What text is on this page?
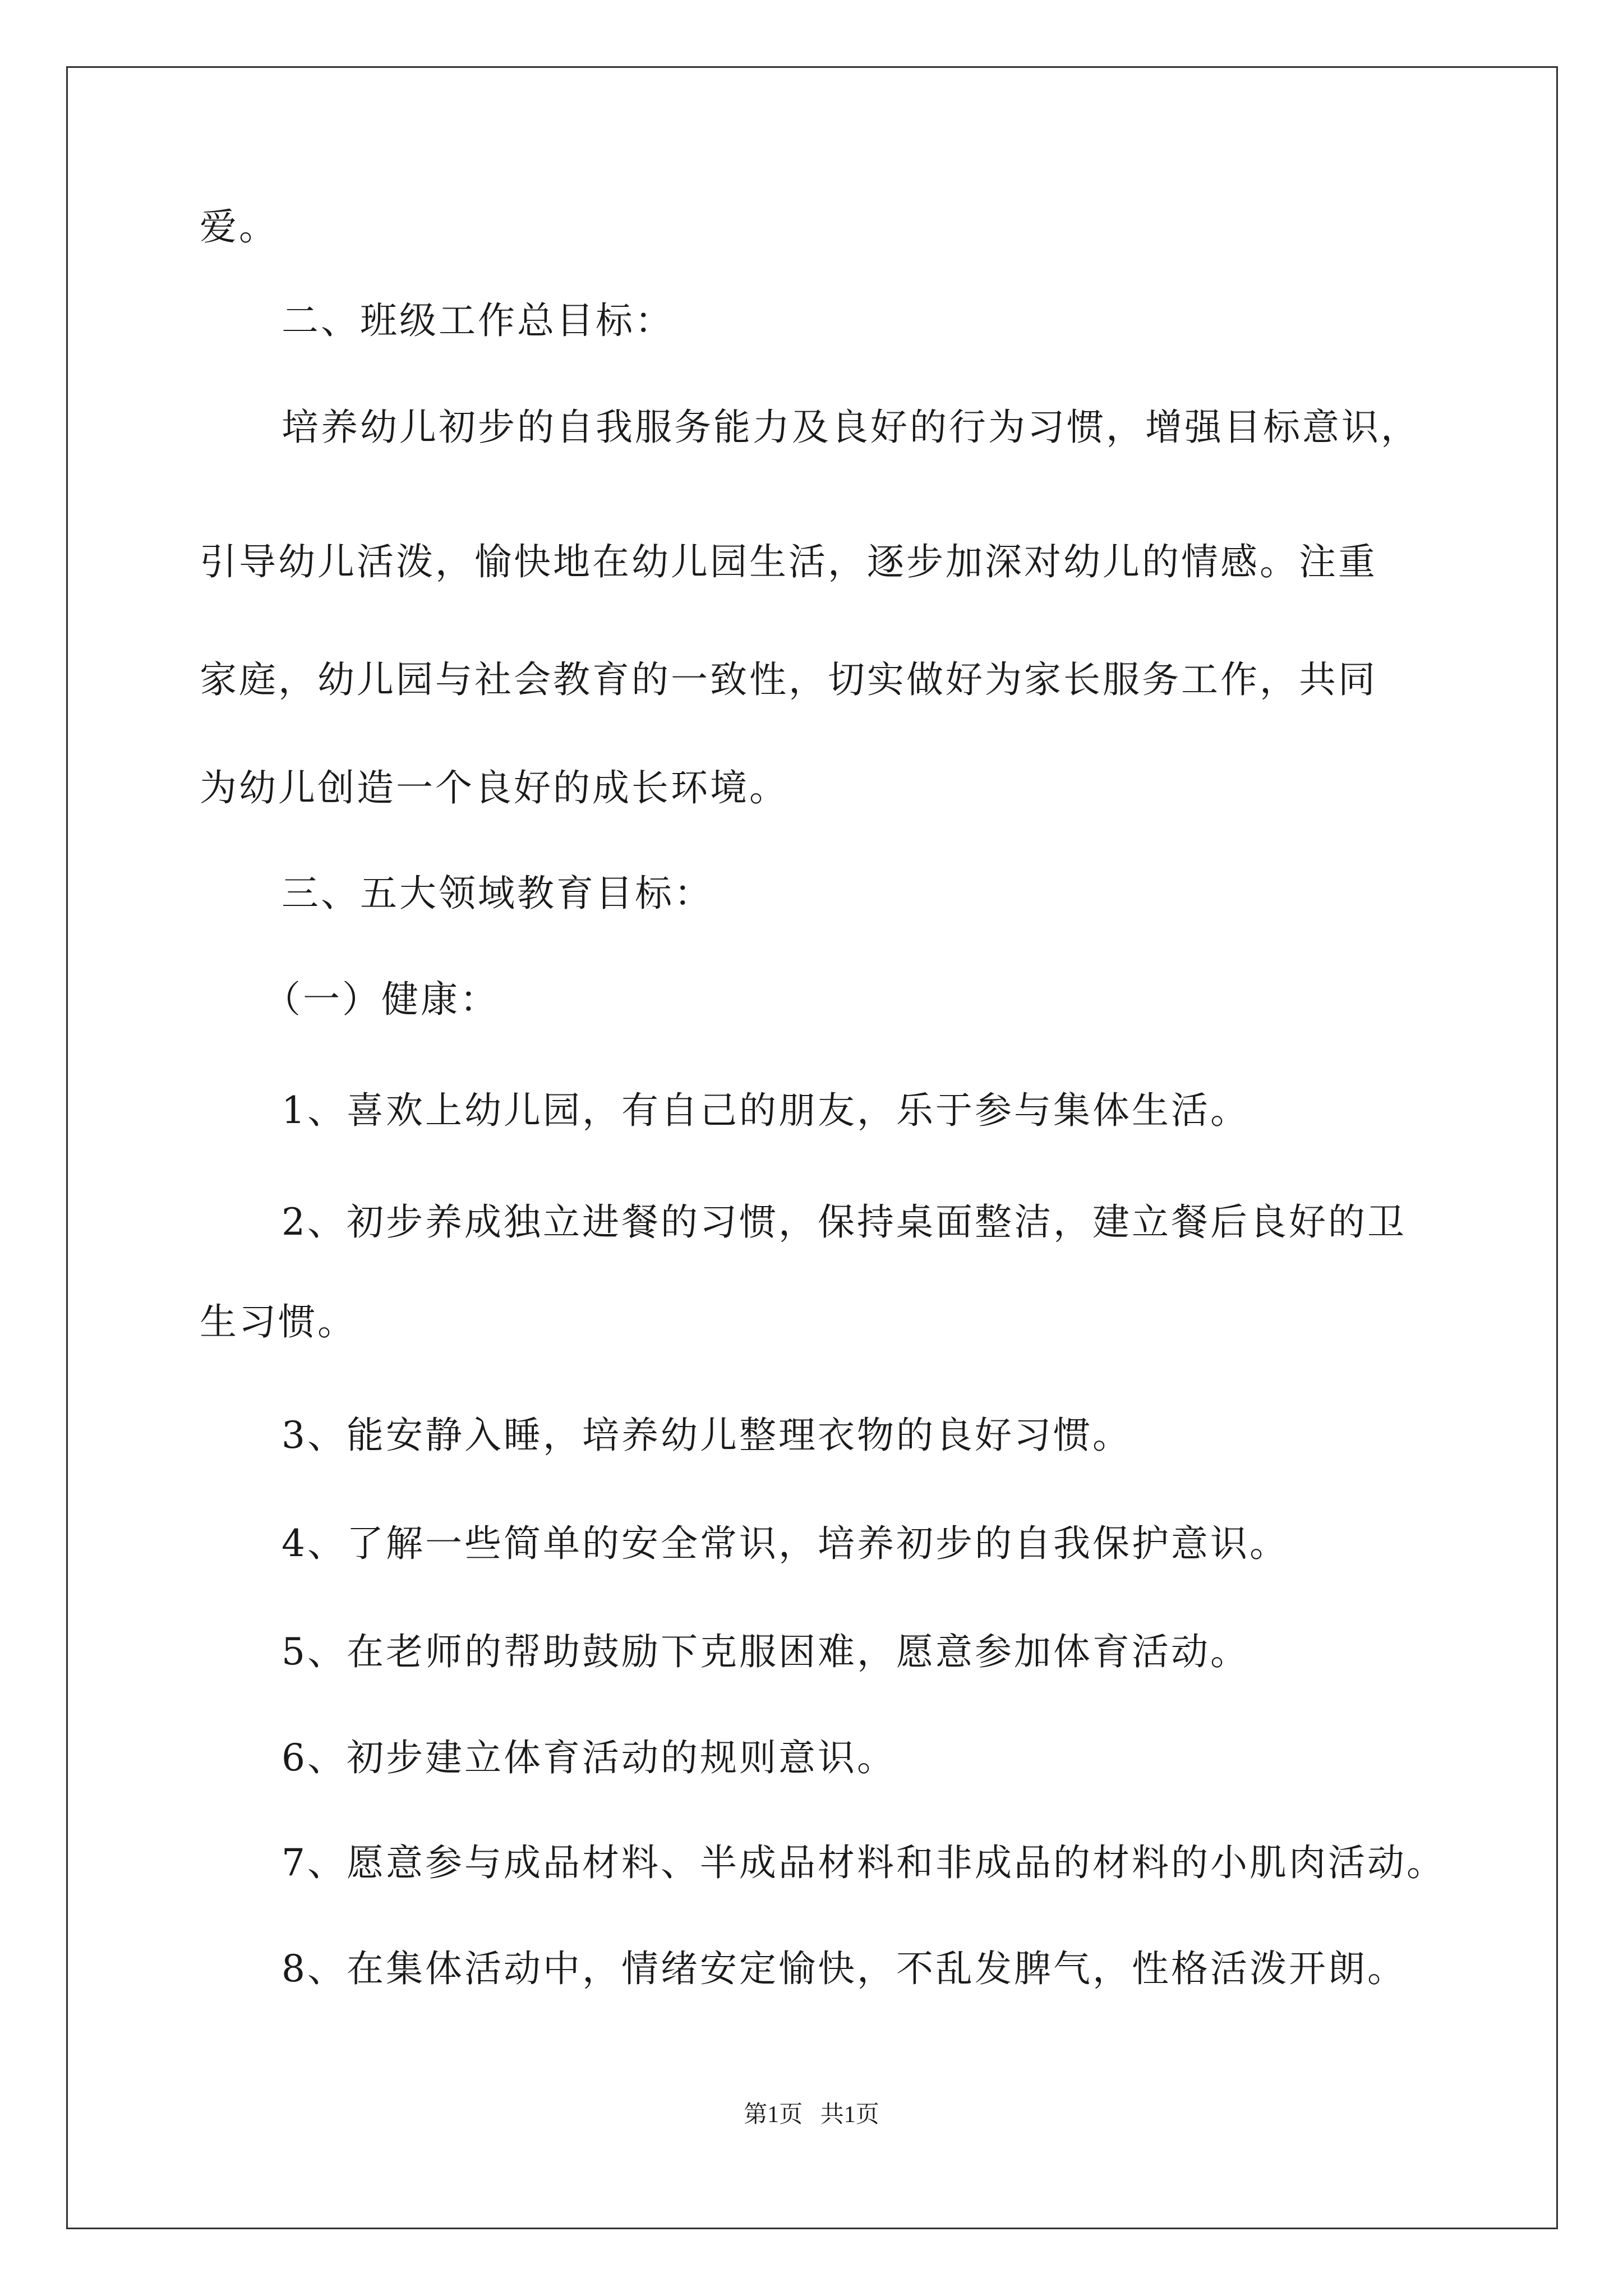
爱。
二、班级工作总目标：
培养幼儿初步的自我服务能力及良好的行为习惯，增强目标意识，
引导幼儿活泼，愉快地在幼儿园生活，逐步加深对幼儿的情感。注重
家庭，幼儿园与社会教育的一致性，切实做好为家长服务工作，共同
为幼儿创造一个良好的成长环境。
三、五大领域教育目标：
（一）健康：
1、喜欢上幼儿园，有自己的朋友，乐于参与集体生活。
2、初步养成独立进餐的习惯，保持桌面整洁，建立餐后良好的卫
生习惯。
3、能安静入睡，培养幼儿整理衣物的良好习惯。
4、了解一些简单的安全常识，培养初步的自我保护意识。
5、在老师的帮助鼓励下克服困难，愿意参加体育活动。
6、初步建立体育活动的规则意识。
7、愿意参与成品材料、半成品材料和非成品的材料的小肌肉活动。
8、在集体活动中，情绪安定愉快，不乱发脾气，性格活泼开朗。
第1页   共1页
